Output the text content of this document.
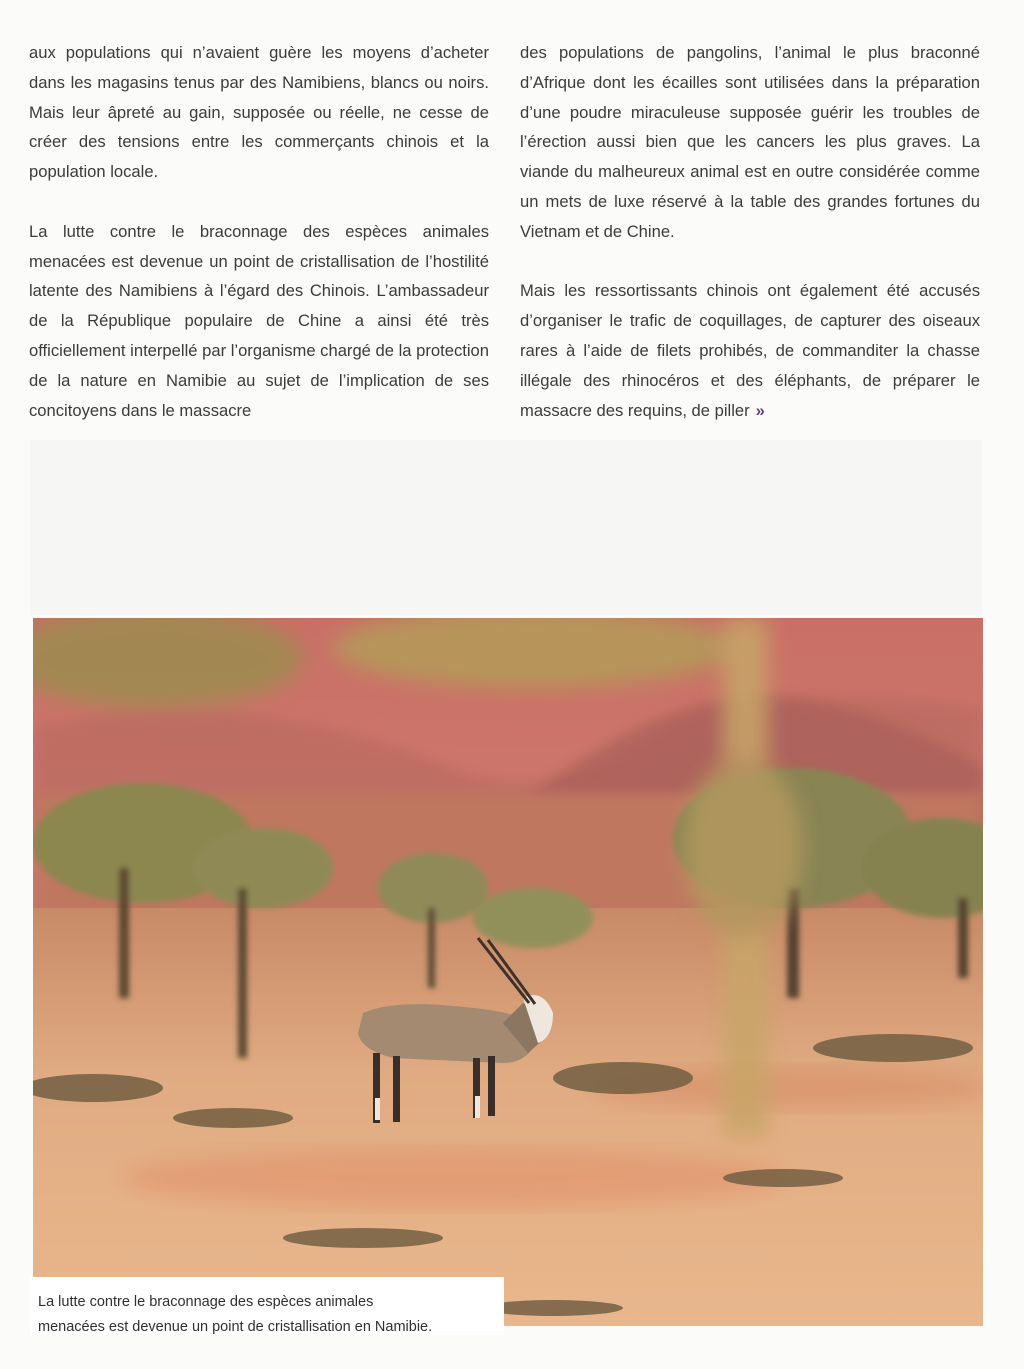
aux populations qui n’avaient guère les moyens d’acheter dans les magasins tenus par des Namibiens, blancs ou noirs. Mais leur âpreté au gain, supposée ou réelle, ne cesse de créer des tensions entre les commerçants chinois et la population locale.

La lutte contre le braconnage des espèces animales menacées est devenue un point de cristallisation de l’hostilité latente des Namibiens à l’égard des Chinois. L’ambassadeur de la République populaire de Chine a ainsi été très officiellement interpellé par l’organisme chargé de la protection de la nature en Namibie au sujet de l’implication de ses concitoyens dans le massacre

des populations de pangolins, l’animal le plus braconné d’Afrique dont les écailles sont utilisées dans la préparation d’une poudre miraculeuse supposée guérir les troubles de l’érection aussi bien que les cancers les plus graves. La viande du malheureux animal est en outre considérée comme un mets de luxe réservé à la table des grandes fortunes du Vietnam et de Chine.

Mais les ressortissants chinois ont également été accusés d’organiser le trafic de coquillages, de capturer des oiseaux rares à l’aide de filets prohibés, de commanditer la chasse illégale des rhinocéros et des éléphants, de préparer le massacre des requins, de piller »

La lutte contre le braconnage des espèces animales
menacées est devenue un point de cristallisation en Namibie.
